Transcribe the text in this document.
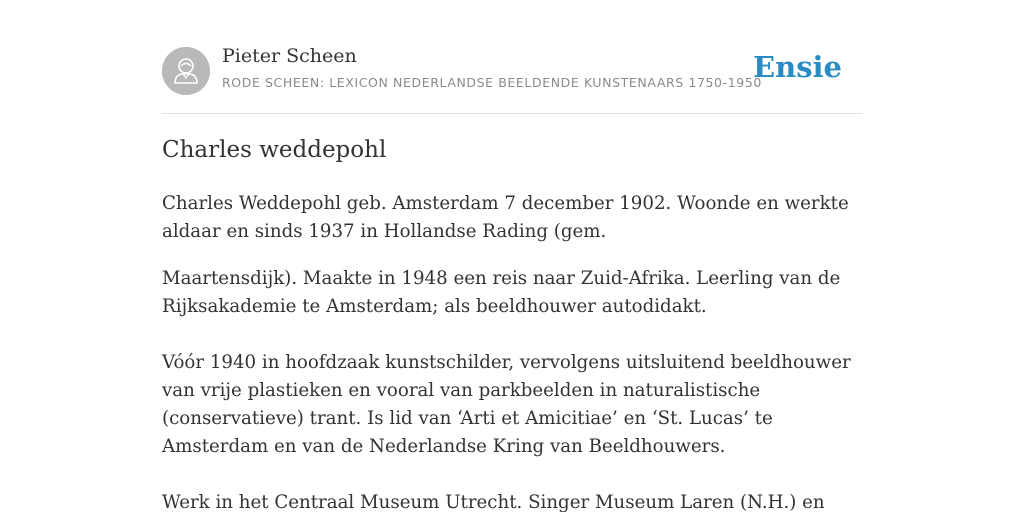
Pieter Scheen
RODE SCHEEN: LEXICON NEDERLANDSE BEELDENDE KUNSTENAARS 1750-1950
Ensie
Charles weddepohl

Charles Weddepohl geb. Amsterdam 7 december 1902. Woonde en werkte aldaar en sinds 1937 in Hollandse Rading (gem.

Maartensdijk). Maakte in 1948 een reis naar Zuid-Afrika. Leerling van de Rijksakademie te Amsterdam; als beeldhouwer autodidakt.

Vóór 1940 in hoofdzaak kunstschilder, vervolgens uitsluitend beeldhouwer van vrije plastieken en vooral van parkbeelden in naturalistische (conservatieve) trant. Is lid van ‘Arti et Amicitiae’ en ‘St. Lucas’ te Amsterdam en van de Nederlandse Kring van Beeldhouwers.

Werk in het Centraal Museum Utrecht. Singer Museum Laren (N.H.) en
